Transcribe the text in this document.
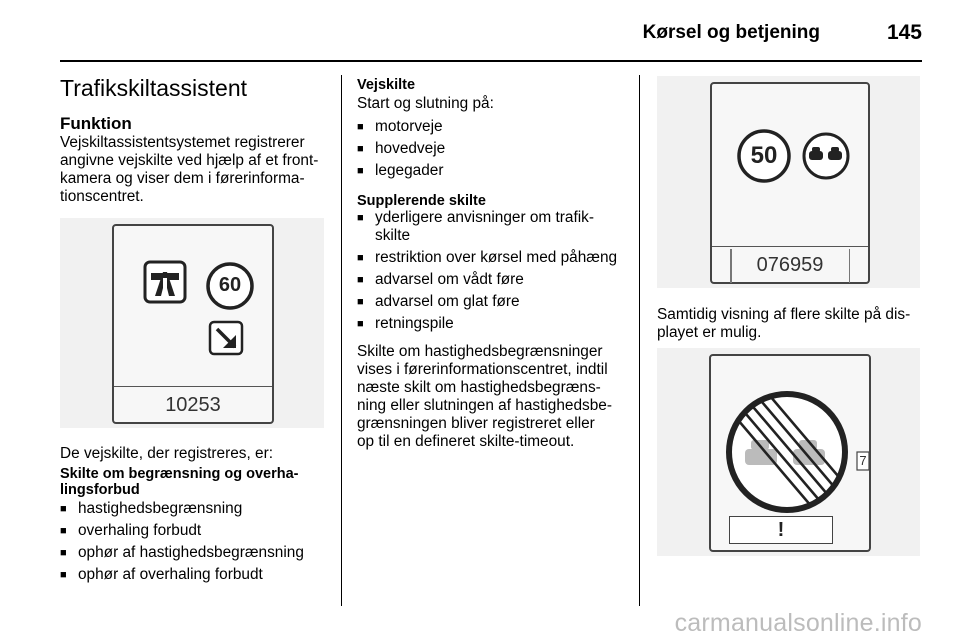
Kørsel og betjening	145
Trafikskiltassistent
Funktion
Vejskiltassistentsystemet registrerer
angivne vejskilte ved hjælp af et front-
kamera og viser dem i førerinforma-
tionscentret.
60
10253
De vejskilte, der registreres, er:
Skilte om begrænsning og overha-
lingsforbud
■ hastighedsbegrænsning
■ overhaling forbudt
■ ophør af hastighedsbegrænsning
■ ophør af overhaling forbudt
Vejskilte
Start og slutning på:
■ motorveje
■ hovedveje
■ legegader
Supplerende skilte
■ yderligere anvisninger om trafik-
skilte
■ restriktion over kørsel med påhæng
■ advarsel om vådt føre
■ advarsel om glat føre
■ retningspile
Skilte om hastighedsbegrænsninger
vises i førerinformationscentret, indtil
næste skilt om hastighedsbegræns-
ning eller slutningen af hastighedsbe-
grænsningen bliver registreret eller
op til en defineret skilte-timeout.
50
076959
Samtidig visning af flere skilte på dis-
playet er mulig.
7
!
carmanualsonline.info
